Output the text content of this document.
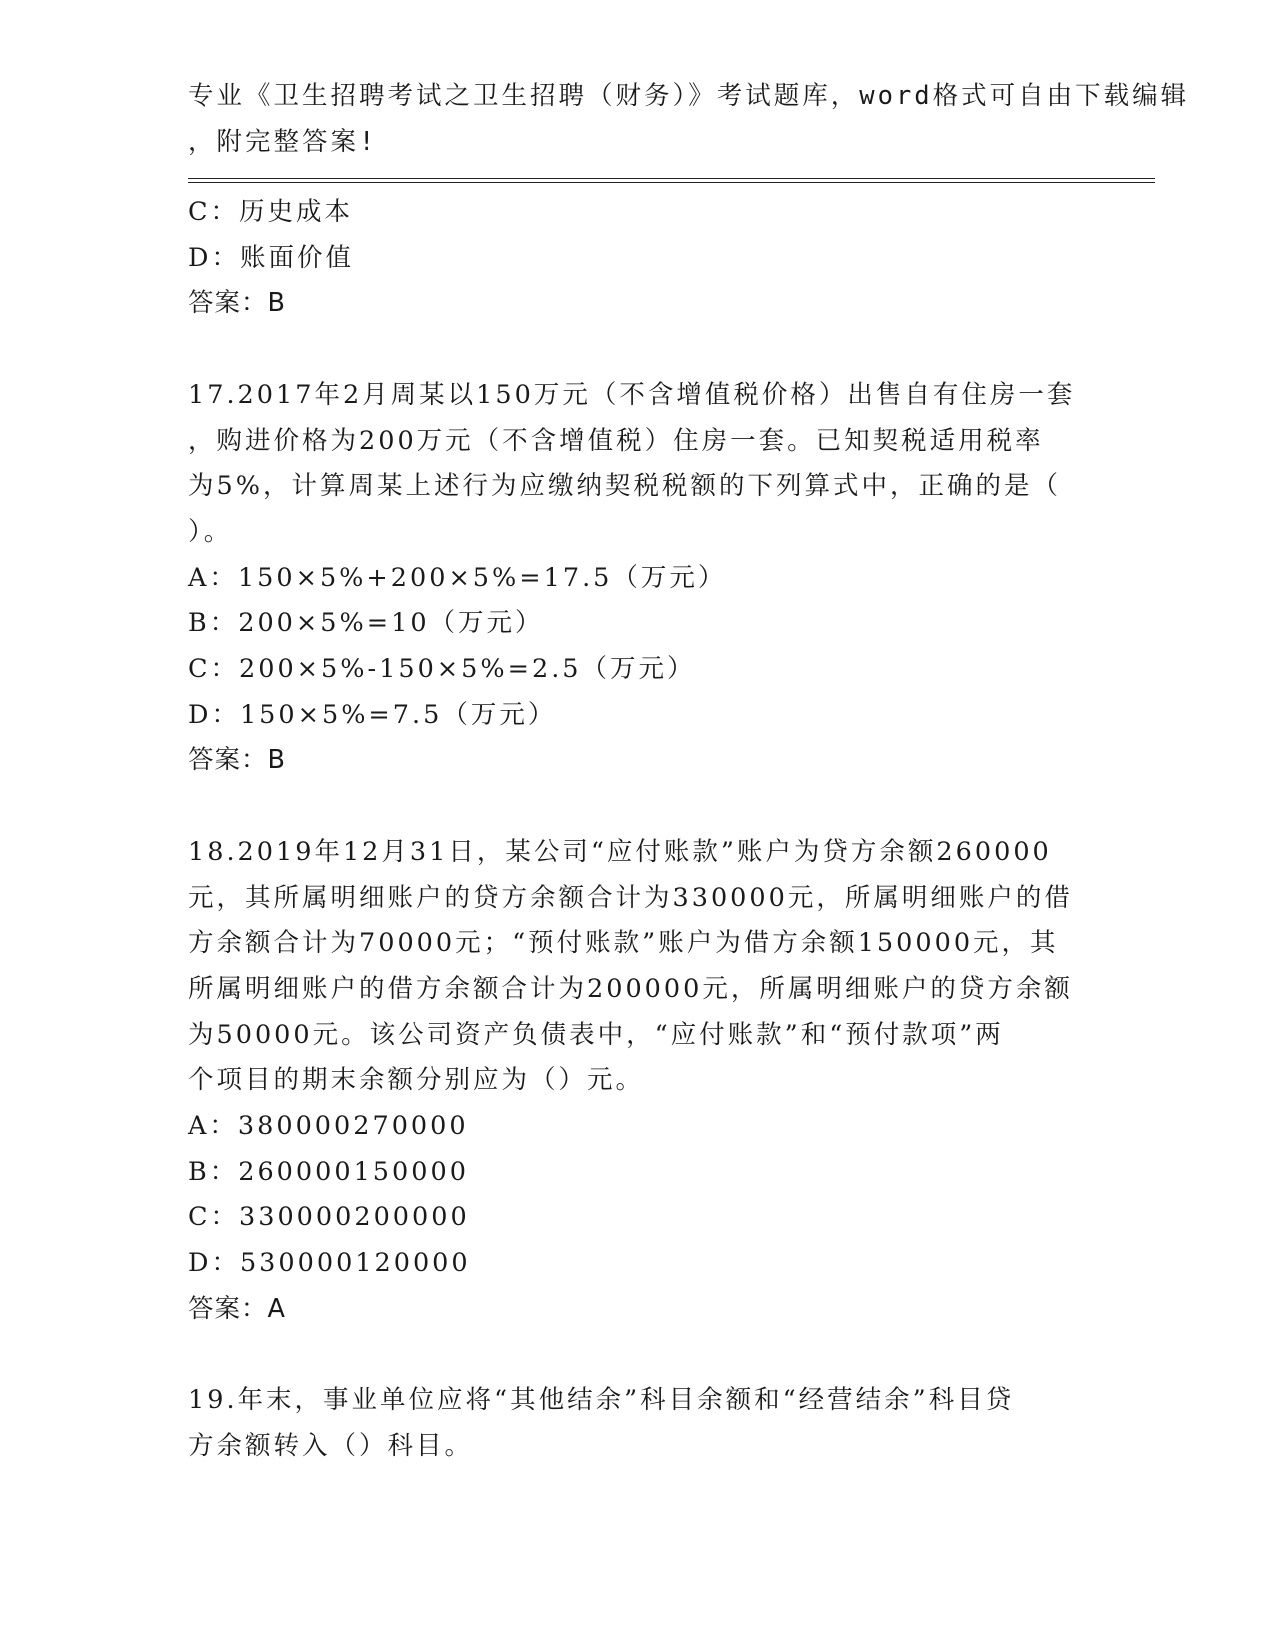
专业《卫生招聘考试之卫生招聘（财务）》考试题库，word格式可自由下载编辑
，附完整答案!
C：历史成本
D：账面价值
答案：B
17.2017年2月周某以150万元（不含增值税价格）出售自有住房一套
，购进价格为200万元（不含增值税）住房一套。已知契税适用税率
为5%，计算周某上述行为应缴纳契税税额的下列算式中，正确的是（
）。
A：150×5%+200×5%=17.5（万元）
B：200×5%=10（万元）
C：200×5%-150×5%=2.5（万元）
D：150×5%=7.5（万元）
答案：B
18.2019年12月31日，某公司“应付账款”账户为贷方余额260000
元，其所属明细账户的贷方余额合计为330000元，所属明细账户的借
方余额合计为70000元；“预付账款”账户为借方余额150000元，其
所属明细账户的借方余额合计为200000元，所属明细账户的贷方余额
为50000元。该公司资产负债表中，“应付账款”和“预付款项”两
个项目的期末余额分别应为（）元。
A：380000270000
B：260000150000
C：330000200000
D：530000120000
答案：A
19.年末，事业单位应将“其他结余”科目余额和“经营结余”科目贷
方余额转入（）科目。
